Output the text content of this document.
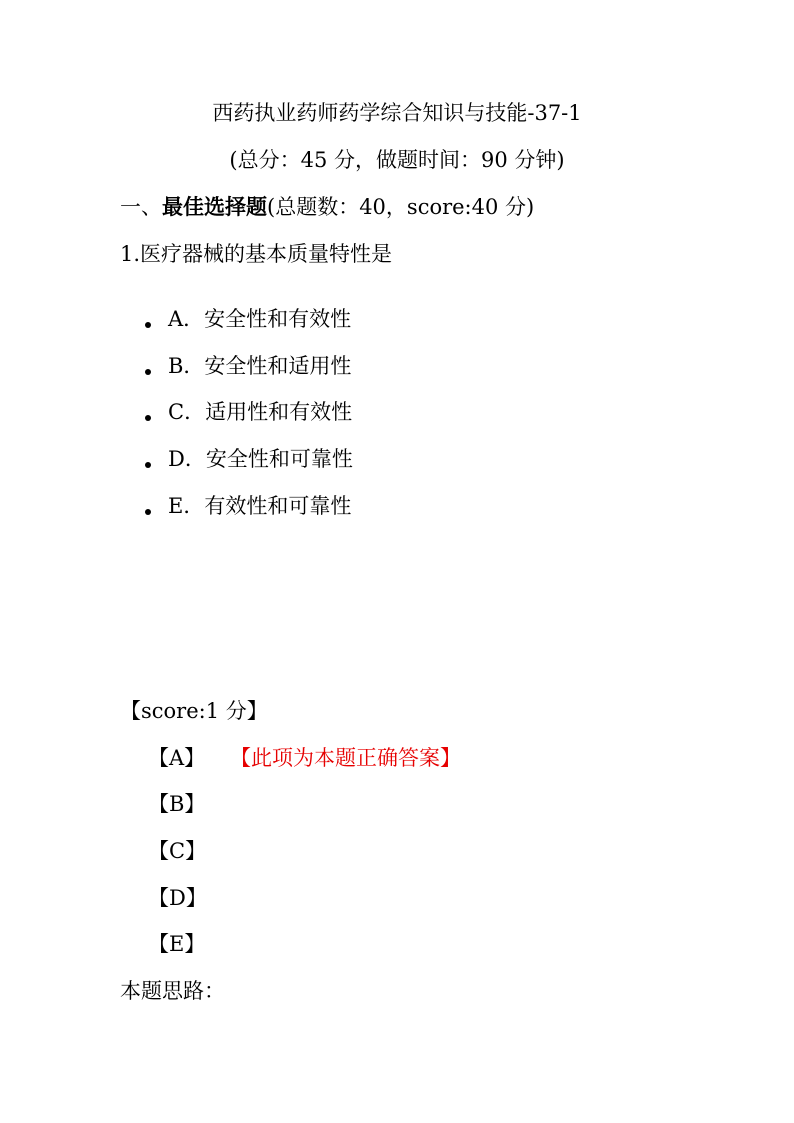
西药执业药师药学综合知识与技能-37-1
(总分：45 分，做题时间：90 分钟)
一、最佳选择题(总题数：40，score:40 分)
1.医疗器械的基本质量特性是
A．安全性和有效性
B．安全性和适用性
C．适用性和有效性
D．安全性和可靠性
E．有效性和可靠性
【score:1 分】
【A】 【此项为本题正确答案】
【B】
【C】
【D】
【E】
本题思路：
